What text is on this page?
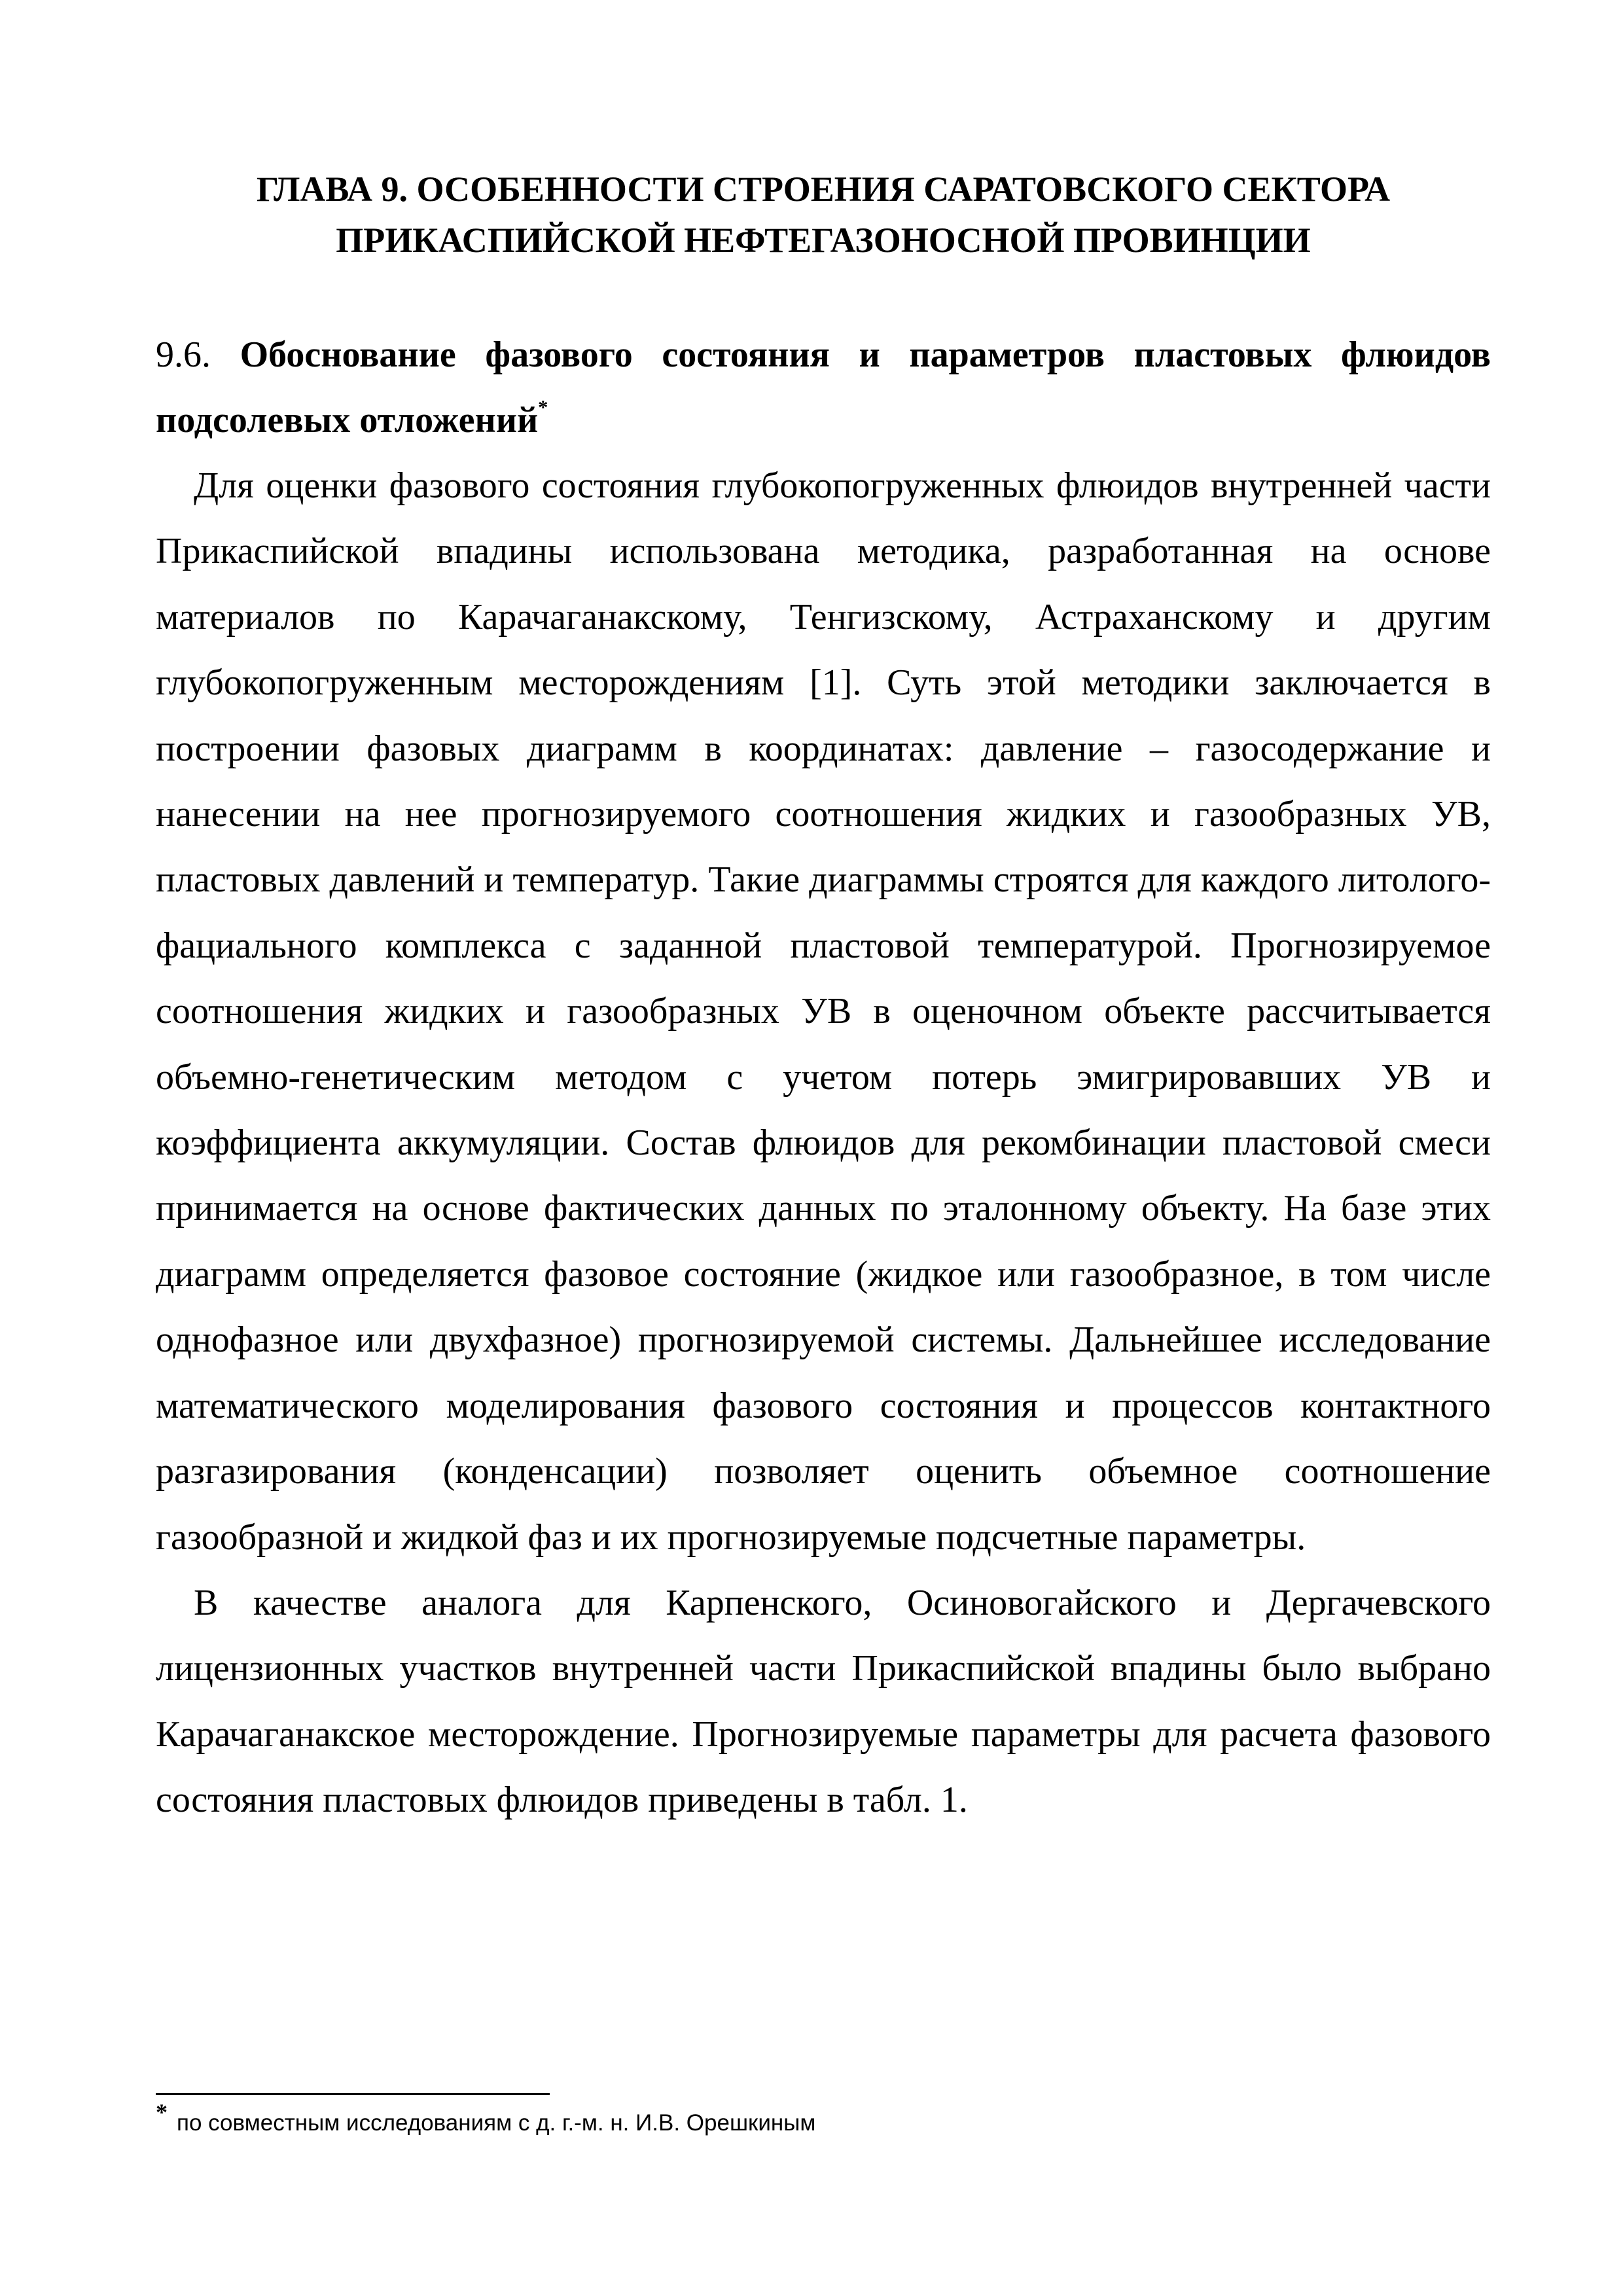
ГЛАВА 9. ОСОБЕННОСТИ СТРОЕНИЯ САРАТОВСКОГО СЕКТОРА
ПРИКАСПИЙСКОЙ НЕФТЕГАЗОНОСНОЙ ПРОВИНЦИИ
9.6. Обоснование фазового состояния и параметров пластовых флюидов подсолевых отложений*

Для оценки фазового состояния глубокопогруженных флюидов внутренней части Прикаспийской впадины использована методика, разработанная на основе материалов по Карачаганакскому, Тенгизскому, Астраханскому и другим глубокопогруженным месторождениям [1]. Суть этой методики заключается в построении фазовых диаграмм в координатах: давление – газосодержание и нанесении на нее прогнозируемого соотношения жидких и газообразных УВ, пластовых давлений и температур. Такие диаграммы строятся для каждого литолого-фациального комплекса с заданной пластовой температурой. Прогнозируемое соотношения жидких и газообразных УВ в оценочном объекте рассчитывается объемно-генетическим методом с учетом потерь эмигрировавших УВ и коэффициента аккумуляции. Состав флюидов для рекомбинации пластовой смеси принимается на основе фактических данных по эталонному объекту. На базе этих диаграмм определяется фазовое состояние (жидкое или газообразное, в том числе однофазное или двухфазное) прогнозируемой системы. Дальнейшее исследование математического моделирования фазового состояния и процессов контактного разгазирования (конденсации) позволяет оценить объемное соотношение газообразной и жидкой фаз и их прогнозируемые подсчетные параметры.

В качестве аналога для Карпенского, Осиновогайского и Дергачевского лицензионных участков внутренней части Прикаспийской впадины было выбрано Карачаганакское месторождение. Прогнозируемые параметры для расчета фазового состояния пластовых флюидов приведены в табл. 1.

* по совместным исследованиям с д. г.-м. н. И.В. Орешкиным
